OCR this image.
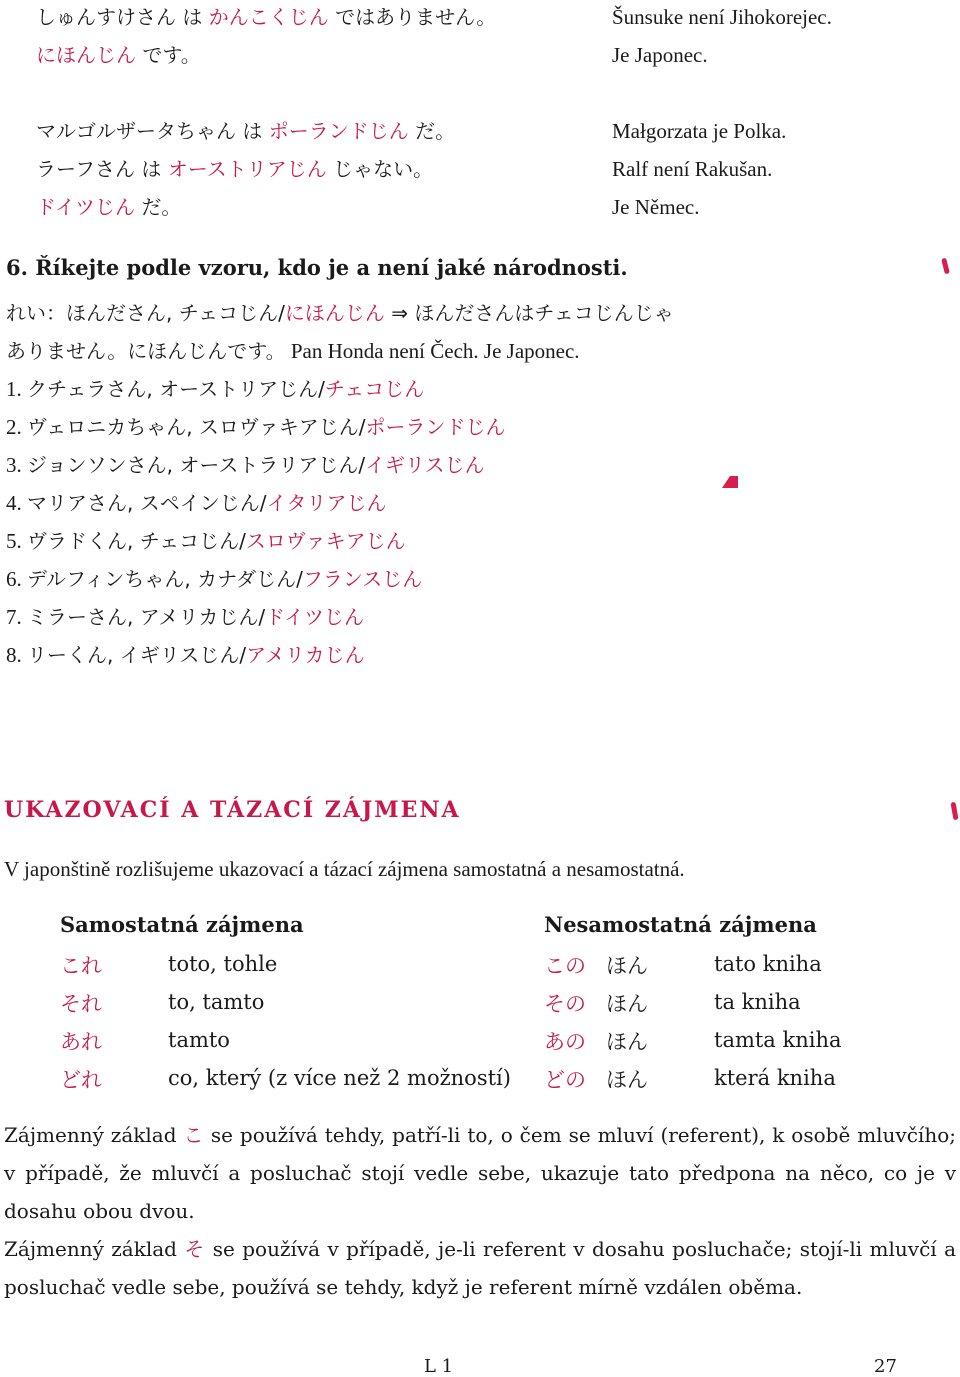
しゅんすけさん は かんこくじん ではありません。	Šunsuke není Jihokorejec.
にほんじん です。	Je Japonec.
マルゴルザータちゃん は ポーランドじん だ。	Małgorzata je Polka.
ラーフさん は オーストリアじん じゃない。	Ralf není Rakušan.
ドイツじん だ。	Je Němec.
6. Říkejte podle vzoru, kdo je a není jaké národnosti.
れい：ほんださん, チェコじん/にほんじん ⇒ ほんださんはチェコじんじゃ
ありません。にほんじんです。 Pan Honda není Čech. Je Japonec.
1. クチェラさん, オーストリアじん/チェコじん
2. ヴェロニカちゃん, スロヴァキアじん/ポーランドじん
3. ジョンソンさん, オーストラリアじん/イギリスじん
4. マリアさん, スペインじん/イタリアじん
5. ヴラドくん, チェコじん/スロヴァキアじん
6. デルフィンちゃん, カナダじん/フランスじん
7. ミラーさん, アメリカじん/ドイツじん
8. リーくん, イギリスじん/アメリカじん
UKAZOVACÍ A TÁZACÍ ZÁJMENA
V japonštině rozlišujeme ukazovací a tázací zájmena samostatná a nesamostatná.
Samostatná zájmena	Nesamostatná zájmena
これ	toto, tohle	この ほん	tato kniha
それ	to, tamto	その ほん	ta kniha
あれ	tamto	あの ほん	tamta kniha
どれ	co, který (z více než 2 možností) どの ほん	která kniha
Zájmenný základ こ se používá tehdy, patří-li to, o čem se mluví (referent), k osobě mluvčího; v případě, že mluvčí a posluchač stojí vedle sebe, ukazuje tato předpona na něco, co je v dosahu obou dvou.
Zájmenný základ そ se používá v případě, je-li referent v dosahu posluchače; stojí-li mluvčí a posluchač vedle sebe, používá se tehdy, když je referent mírně vzdálen oběma.
L 1	27
